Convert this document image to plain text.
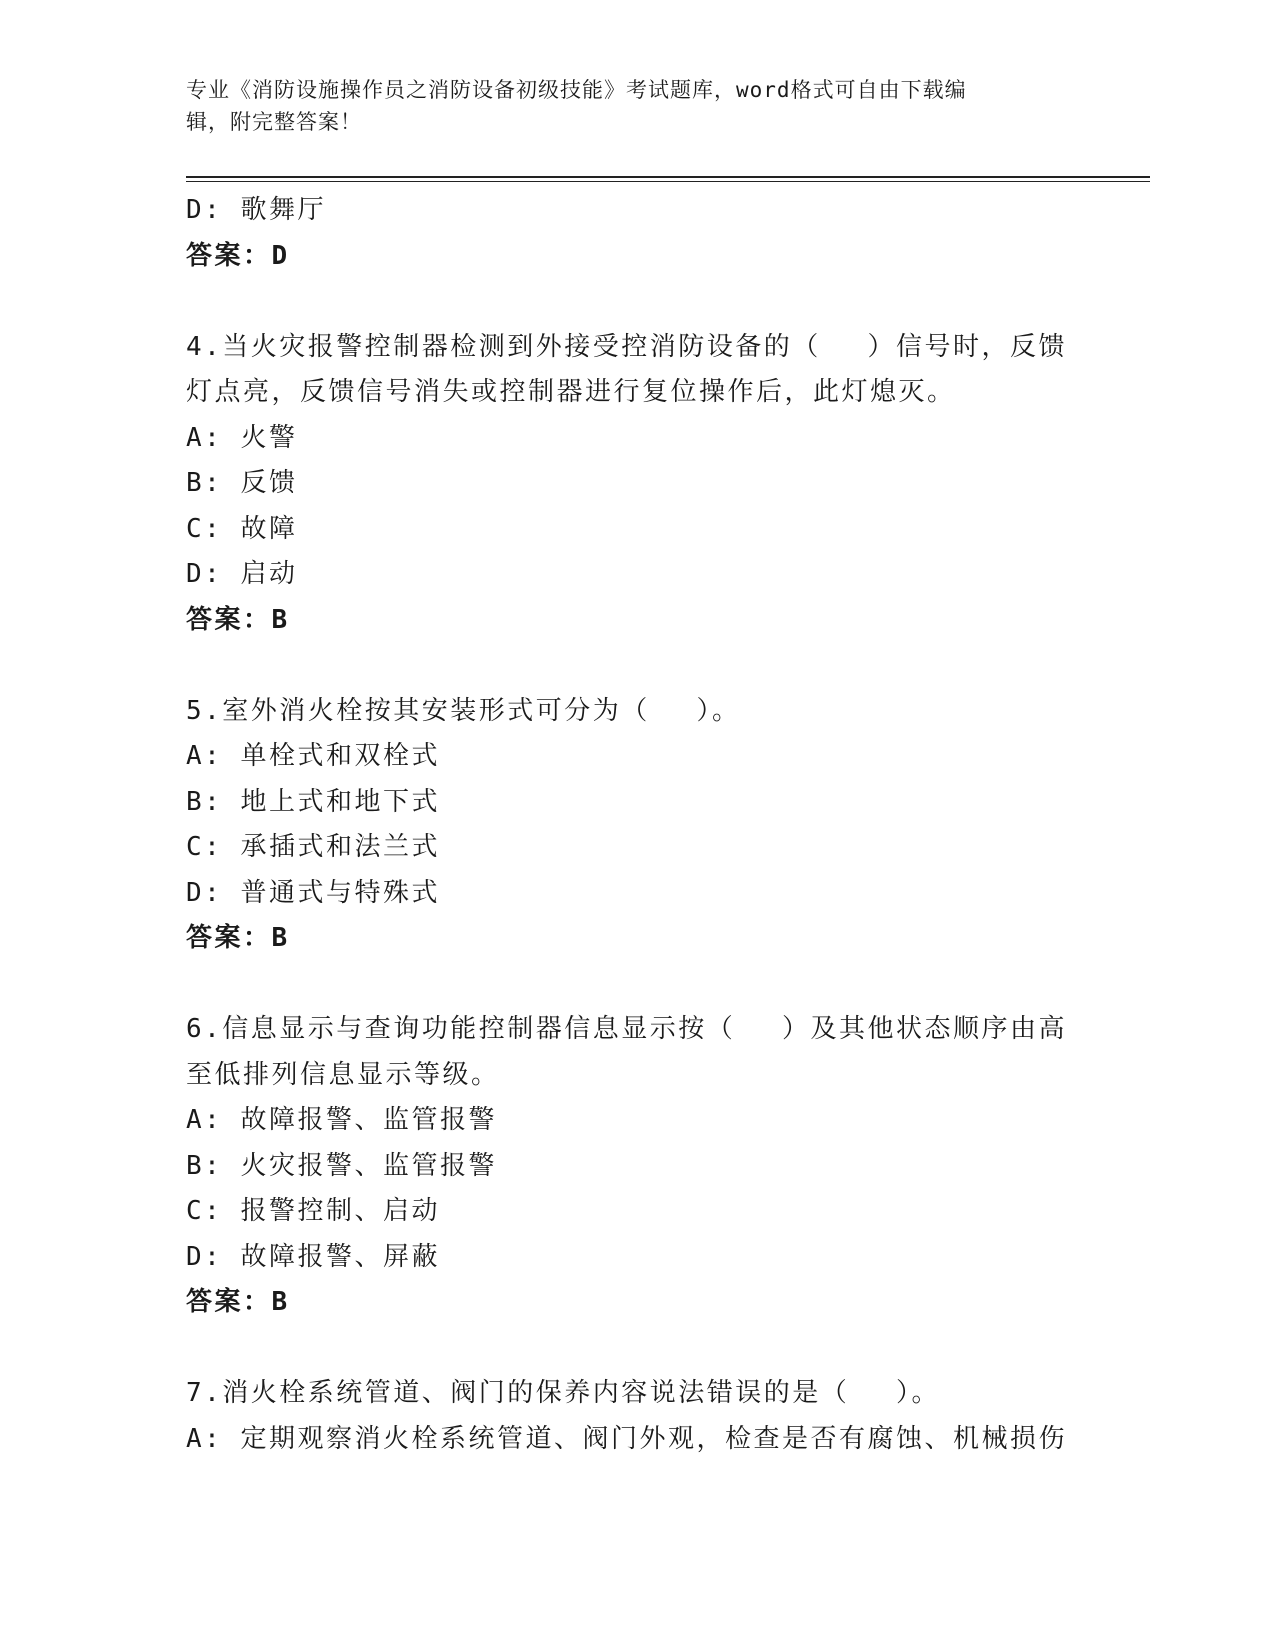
专业《消防设施操作员之消防设备初级技能》考试题库，word格式可自由下载编
辑，附完整答案！
D: 歌舞厅
答案：D
4.当火灾报警控制器检测到外接受控消防设备的（　 ）信号时，反馈
灯点亮，反馈信号消失或控制器进行复位操作后，此灯熄灭。
A: 火警
B: 反馈
C: 故障
D: 启动
答案：B
5.室外消火栓按其安装形式可分为（　 ）。
A: 单栓式和双栓式
B: 地上式和地下式
C: 承插式和法兰式
D: 普通式与特殊式
答案：B
6.信息显示与查询功能控制器信息显示按（　 ）及其他状态顺序由高
至低排列信息显示等级。
A: 故障报警、监管报警
B: 火灾报警、监管报警
C: 报警控制、启动
D: 故障报警、屏蔽
答案：B
7.消火栓系统管道、阀门的保养内容说法错误的是（　 ）。
A: 定期观察消火栓系统管道、阀门外观，检查是否有腐蚀、机械损伤
